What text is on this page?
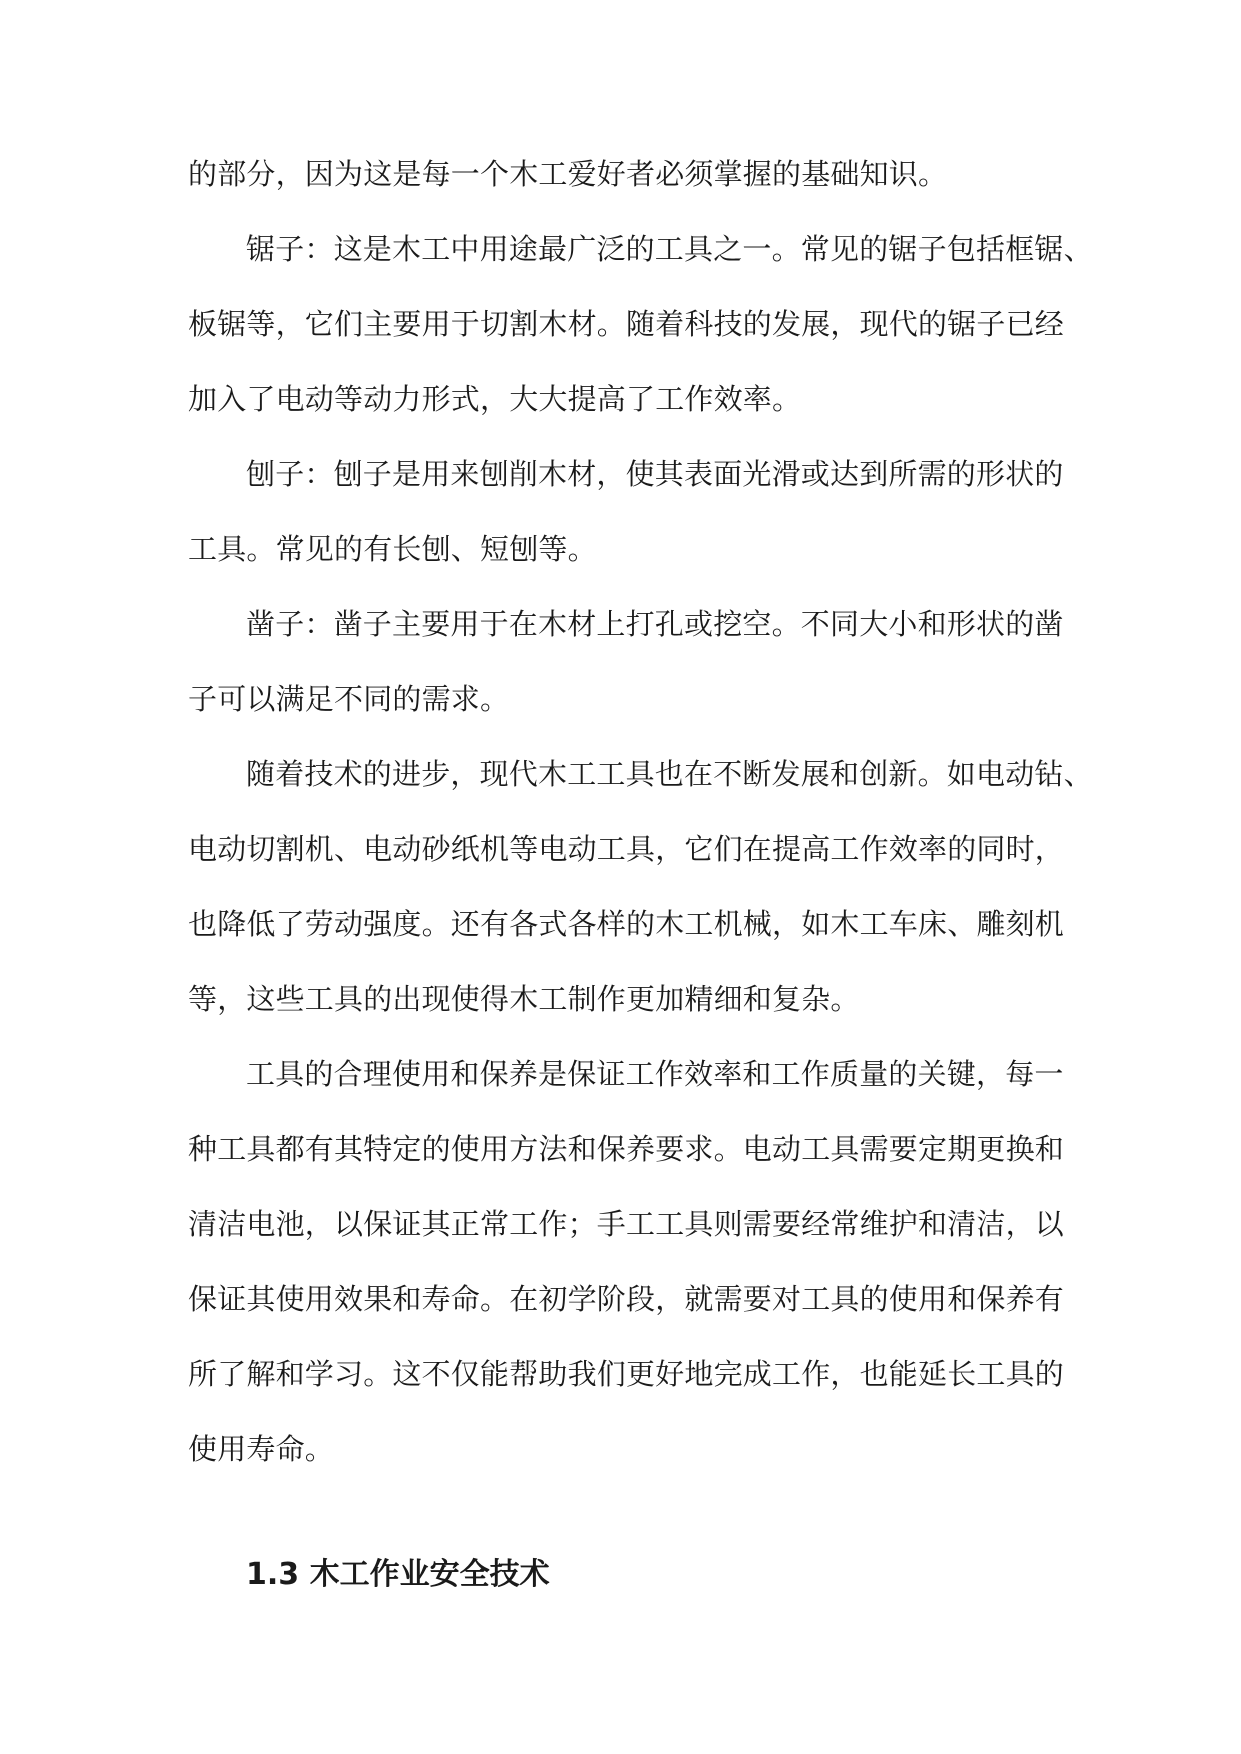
的部分，因为这是每一个木工爱好者必须掌握的基础知识。
锯子：这是木工中用途最广泛的工具之一。常见的锯子包括框锯、
板锯等，它们主要用于切割木材。随着科技的发展，现代的锯子已经
加入了电动等动力形式，大大提高了工作效率。
刨子：刨子是用来刨削木材，使其表面光滑或达到所需的形状的
工具。常见的有长刨、短刨等。
凿子：凿子主要用于在木材上打孔或挖空。不同大小和形状的凿
子可以满足不同的需求。
随着技术的进步，现代木工工具也在不断发展和创新。如电动钻、
电动切割机、电动砂纸机等电动工具，它们在提高工作效率的同时，
也降低了劳动强度。还有各式各样的木工机械，如木工车床、雕刻机
等，这些工具的出现使得木工制作更加精细和复杂。
工具的合理使用和保养是保证工作效率和工作质量的关键，每一
种工具都有其特定的使用方法和保养要求。电动工具需要定期更换和
清洁电池，以保证其正常工作；手工工具则需要经常维护和清洁，以
保证其使用效果和寿命。在初学阶段，就需要对工具的使用和保养有
所了解和学习。这不仅能帮助我们更好地完成工作，也能延长工具的
使用寿命。
1.3 木工作业安全技术
